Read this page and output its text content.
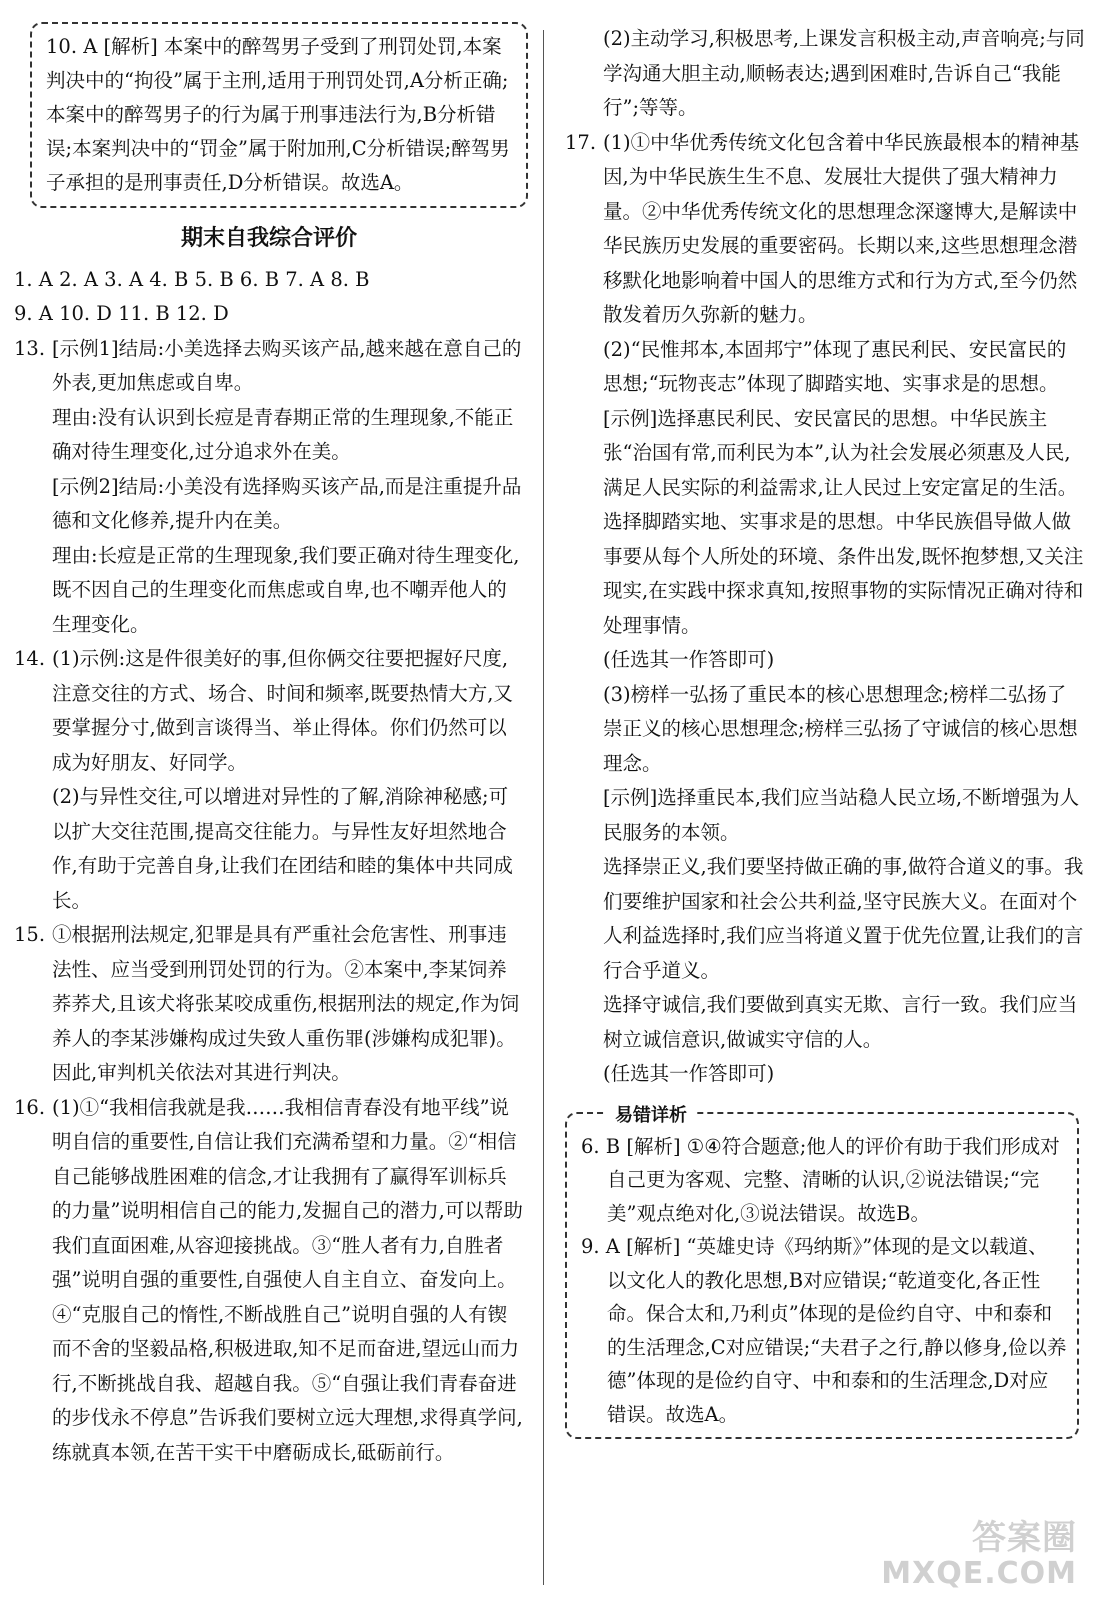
10. A [解析] 本案中的醉驾男子受到了刑罚处罚,本案判决中的“拘役”属于主刑,适用于刑罚处罚,A分析正确;本案中的醉驾男子的行为属于刑事违法行为,B分析错误;本案判决中的“罚金”属于附加刑,C分析错误;醉驾男子承担的是刑事责任,D分析错误。故选A。

期末自我综合评价

1. A 2. A 3. A 4. B 5. B 6. B 7. A 8. B

9. A 10. D 11. B 12. D

13. [示例1]结局:小美选择去购买该产品,越来越在意自己的外表,更加焦虑或自卑。

理由:没有认识到长痘是青春期正常的生理现象,不能正确对待生理变化,过分追求外在美。

[示例2]结局:小美没有选择购买该产品,而是注重提升品德和文化修养,提升内在美。

理由:长痘是正常的生理现象,我们要正确对待生理变化,既不因自己的生理变化而焦虑或自卑,也不嘲弄他人的生理变化。

14. (1)示例:这是件很美好的事,但你俩交往要把握好尺度,注意交往的方式、场合、时间和频率,既要热情大方,又要掌握分寸,做到言谈得当、举止得体。你们仍然可以成为好朋友、好同学。

(2)与异性交往,可以增进对异性的了解,消除神秘感;可以扩大交往范围,提高交往能力。与异性友好坦然地合作,有助于完善自身,让我们在团结和睦的集体中共同成长。

15. ①根据刑法规定,犯罪是具有严重社会危害性、刑事违法性、应当受到刑罚处罚的行为。②本案中,李某饲养荞荞犬,且该犬将张某咬成重伤,根据刑法的规定,作为饲养人的李某涉嫌构成过失致人重伤罪(涉嫌构成犯罪)。因此,审判机关依法对其进行判决。

16. (1)①“我相信我就是我……我相信青春没有地平线”说明自信的重要性,自信让我们充满希望和力量。②“相信自己能够战胜困难的信念,才让我拥有了赢得军训标兵的力量”说明相信自己的能力,发掘自己的潜力,可以帮助我们直面困难,从容迎接挑战。③“胜人者有力,自胜者强”说明自强的重要性,自强使人自主自立、奋发向上。④“克服自己的惰性,不断战胜自己”说明自强的人有锲而不舍的坚毅品格,积极进取,知不足而奋进,望远山而力行,不断挑战自我、超越自我。⑤“自强让我们青春奋进的步伐永不停息”告诉我们要树立远大理想,求得真学问,练就真本领,在苦干实干中磨砺成长,砥砺前行。

(2)主动学习,积极思考,上课发言积极主动,声音响亮;与同学沟通大胆主动,顺畅表达;遇到困难时,告诉自己“我能行”;等等。

17. (1)①中华优秀传统文化包含着中华民族最根本的精神基因,为中华民族生生不息、发展壮大提供了强大精神力量。②中华优秀传统文化的思想理念深邃博大,是解读中华民族历史发展的重要密码。长期以来,这些思想理念潜移默化地影响着中国人的思维方式和行为方式,至今仍然散发着历久弥新的魅力。

(2)“民惟邦本,本固邦宁”体现了惠民利民、安民富民的思想;“玩物丧志”体现了脚踏实地、实事求是的思想。

[示例]选择惠民利民、安民富民的思想。中华民族主张“治国有常,而利民为本”,认为社会发展必须惠及人民,满足人民实际的利益需求,让人民过上安定富足的生活。

选择脚踏实地、实事求是的思想。中华民族倡导做人做事要从每个人所处的环境、条件出发,既怀抱梦想,又关注现实,在实践中探求真知,按照事物的实际情况正确对待和处理事情。

(任选其一作答即可)

(3)榜样一弘扬了重民本的核心思想理念;榜样二弘扬了崇正义的核心思想理念;榜样三弘扬了守诚信的核心思想理念。

[示例]选择重民本,我们应当站稳人民立场,不断增强为人民服务的本领。

选择崇正义,我们要坚持做正确的事,做符合道义的事。我们要维护国家和社会公共利益,坚守民族大义。在面对个人利益选择时,我们应当将道义置于优先位置,让我们的言行合乎道义。

选择守诚信,我们要做到真实无欺、言行一致。我们应当树立诚信意识,做诚实守信的人。

(任选其一作答即可)

易错详析

6. B [解析] ①④符合题意;他人的评价有助于我们形成对自己更为客观、完整、清晰的认识,②说法错误;“完美”观点绝对化,③说法错误。故选B。

9. A [解析] “英雄史诗《玛纳斯》”体现的是文以载道、以文化人的教化思想,B对应错误;“乾道变化,各正性命。保合太和,乃利贞”体现的是俭约自守、中和泰和的生活理念,C对应错误;“夫君子之行,静以修身,俭以养德”体现的是俭约自守、中和泰和的生活理念,D对应错误。故选A。

答案圈
MXQE.COM
